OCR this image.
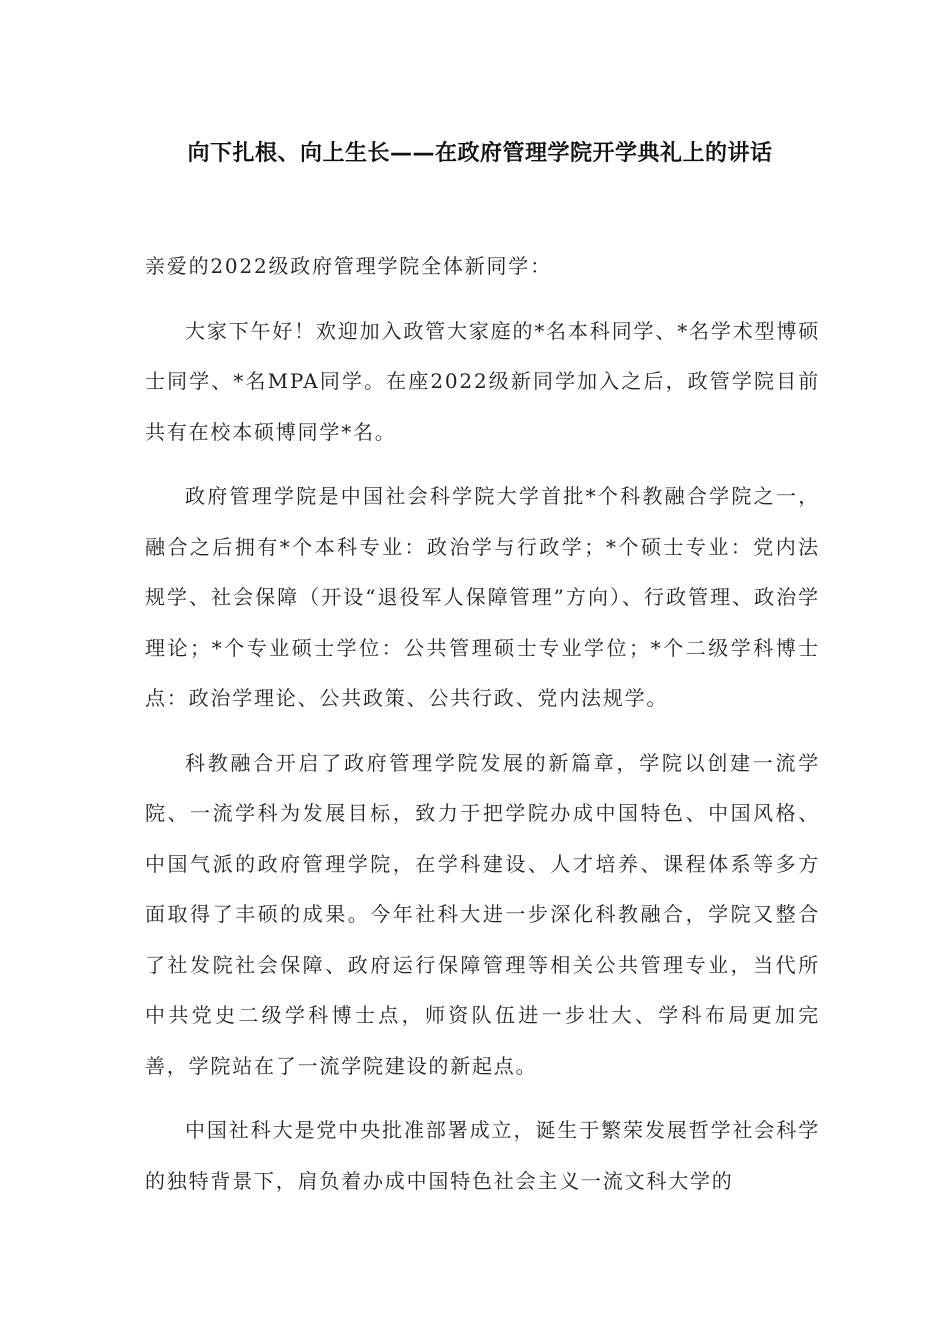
向下扎根、向上生长——在政府管理学院开学典礼上的讲话

亲爱的2022级政府管理学院全体新同学：

大家下午好！欢迎加入政管大家庭的*名本科同学、*名学术型博硕士同学、*名MPA同学。在座2022级新同学加入之后，政管学院目前共有在校本硕博同学*名。

政府管理学院是中国社会科学院大学首批*个科教融合学院之一，融合之后拥有*个本科专业：政治学与行政学；*个硕士专业：党内法规学、社会保障（开设“退役军人保障管理”方向）、行政管理、政治学理论；*个专业硕士学位：公共管理硕士专业学位；*个二级学科博士点：政治学理论、公共政策、公共行政、党内法规学。

科教融合开启了政府管理学院发展的新篇章，学院以创建一流学院、一流学科为发展目标，致力于把学院办成中国特色、中国风格、中国气派的政府管理学院，在学科建设、人才培养、课程体系等多方面取得了丰硕的成果。今年社科大进一步深化科教融合，学院又整合了社发院社会保障、政府运行保障管理等相关公共管理专业，当代所中共党史二级学科博士点，师资队伍进一步壮大、学科布局更加完善，学院站在了一流学院建设的新起点。

中国社科大是党中央批准部署成立，诞生于繁荣发展哲学社会科学的独特背景下，肩负着办成中国特色社会主义一流文科大学的
